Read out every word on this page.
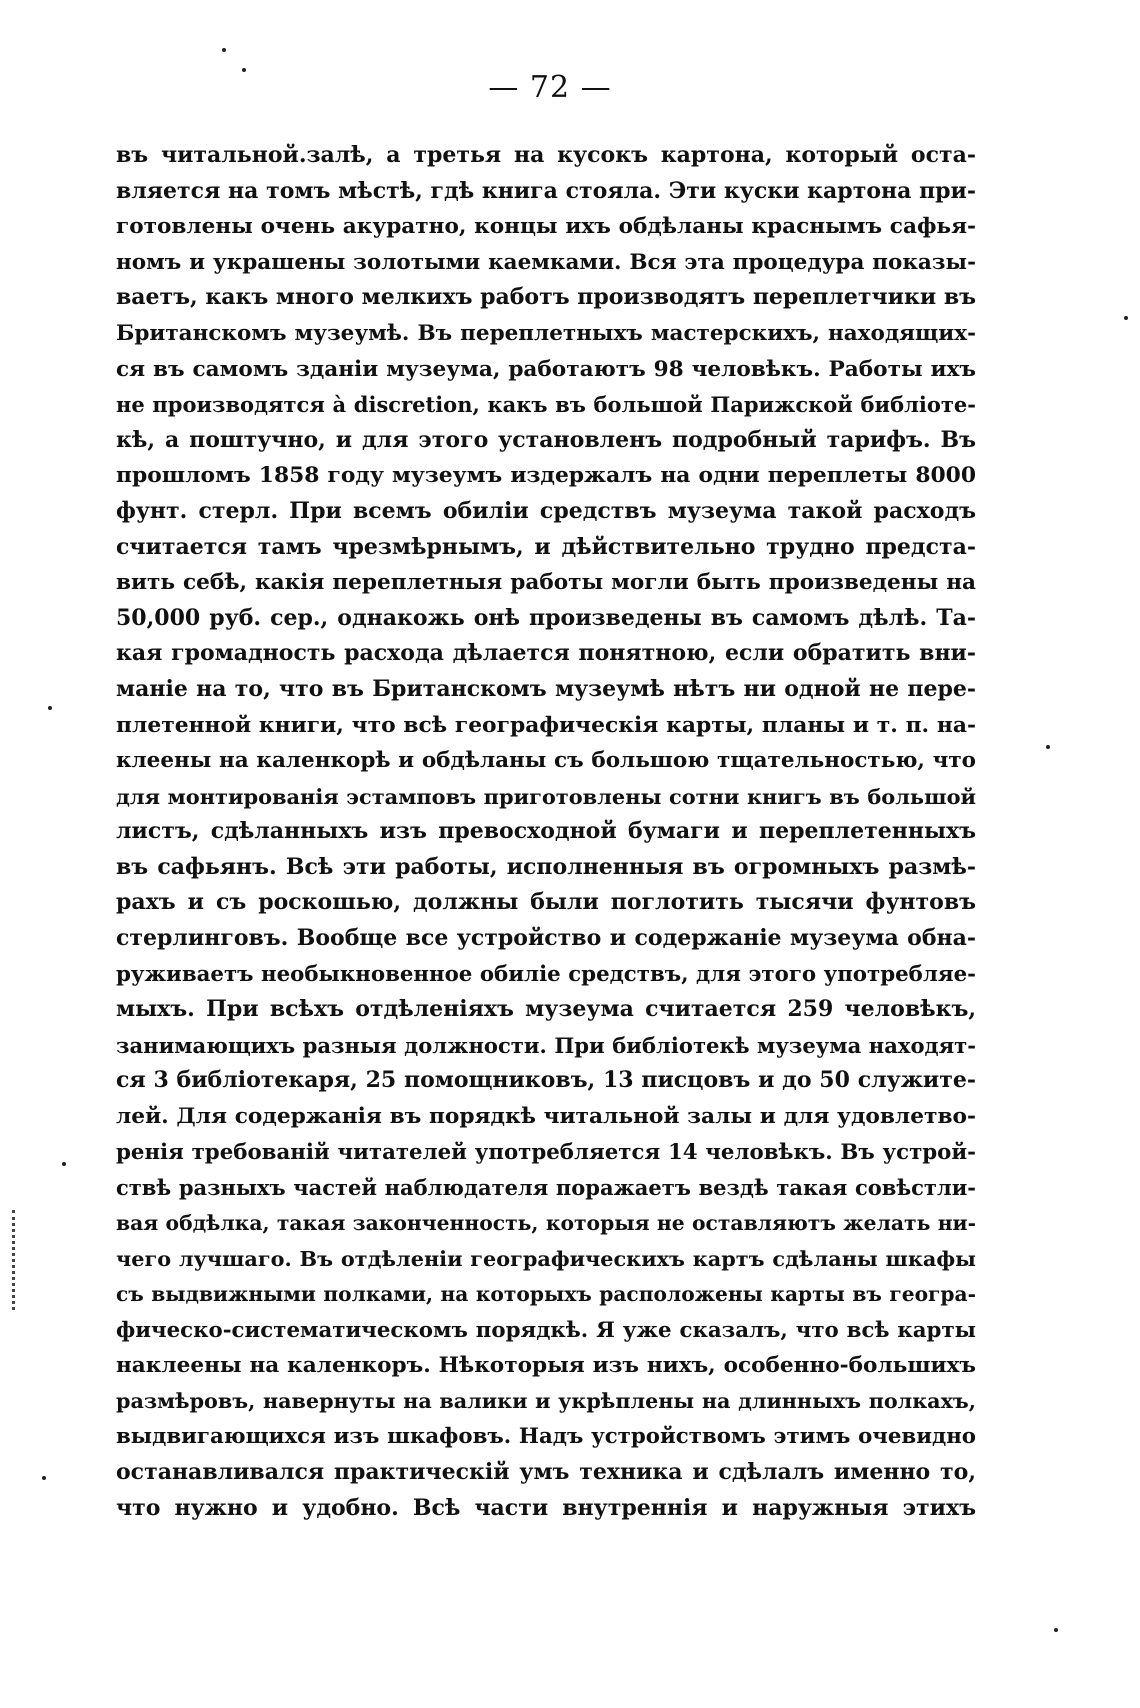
— 72 —
въ читальной.залѣ, а третья на кусокъ картона, который оста-
вляется на томъ мѣстѣ, гдѣ книга стояла. Эти куски картона при-
готовлены очень акуратно, концы ихъ обдѣланы краснымъ сафья-
номъ и украшены золотыми каемками. Вся эта процедура показы-
ваетъ, какъ много мелкихъ работъ производятъ переплетчики въ
Британскомъ музеумѣ. Въ переплетныхъ мастерскихъ, находящих-
ся въ самомъ зданіи музеума, работаютъ 98 человѣкъ. Работы ихъ
не производятся à discretion, какъ въ большой Парижской библіоте-
кѣ, а поштучно, и для этого установленъ подробный тарифъ. Въ
прошломъ 1858 году музеумъ издержалъ на одни переплеты 8000
фунт. стерл. При всемъ обиліи средствъ музеума такой расходъ
считается тамъ чрезмѣрнымъ, и дѣйствительно трудно предста-
вить себѣ, какія переплетныя работы могли быть произведены на
50,000 руб. сер., однакожь онѣ произведены въ самомъ дѣлѣ. Та-
кая громадность расхода дѣлается понятною, если обратить вни-
маніе на то, что въ Британскомъ музеумѣ нѣтъ ни одной не пере-
плетенной книги, что всѣ географическія карты, планы и т. п. на-
клеены на каленкорѣ и обдѣланы съ большою тщательностью, что
для монтированія эстамповъ приготовлены сотни книгъ въ большой
листъ, сдѣланныхъ изъ превосходной бумаги и переплетенныхъ
въ сафьянъ. Всѣ эти работы, исполненныя въ огромныхъ размѣ-
рахъ и съ роскошью, должны были поглотить тысячи фунтовъ
стерлинговъ. Вообще все устройство и содержаніе музеума обна-
руживаетъ необыкновенное обиліе средствъ, для этого употребляе-
мыхъ. При всѣхъ отдѣленіяхъ музеума считается 259 человѣкъ,
занимающихъ разныя должности. При библіотекѣ музеума находят-
ся 3 библіотекаря, 25 помощниковъ, 13 писцовъ и до 50 служите-
лей. Для содержанія въ порядкѣ читальной залы и для удовлетво-
ренія требованій читателей употребляется 14 человѣкъ. Въ устрой-
ствѣ разныхъ частей наблюдателя поражаетъ вездѣ такая совѣстли-
вая обдѣлка, такая законченность, которыя не оставляютъ желать ни-
чего лучшаго. Въ отдѣленіи географическихъ картъ сдѣланы шкафы
съ выдвижными полками, на которыхъ расположены карты въ геогра-
фическо-систематическомъ порядкѣ. Я уже сказалъ, что всѣ карты
наклеены на каленкоръ. Нѣкоторыя изъ нихъ, особенно-большихъ
размѣровъ, навернуты на валики и укрѣплены на длинныхъ полкахъ,
выдвигающихся изъ шкафовъ. Надъ устройствомъ этимъ очевидно
останавливался практическій умъ техника и сдѣлалъ именно то,
что нужно и удобно. Всѣ части внутреннія и наружныя этихъ
